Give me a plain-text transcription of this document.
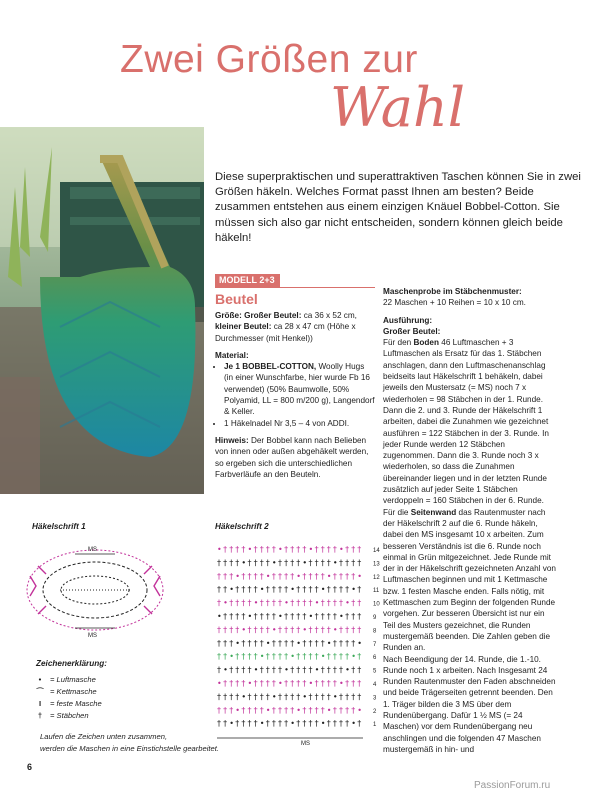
Zwei Größen zur
Wahl
Diese superpraktischen und superattraktiven Taschen können Sie in zwei Größen häkeln. Welches Format passt Ihnen am besten? Beide zusammen entstehen aus einem einzigen Knäuel Bobbel-Cotton. Sie müssen sich also gar nicht entscheiden, sondern können gleich beide häkeln!
MODELL 2+3
Beutel

Größe: Großer Beutel: ca 36 x 52 cm, kleiner Beutel: ca 28 x 47 cm (Höhe x Durchmesser (mit Henkel))

Material:

• Je 1 BOBBEL-COTTON, Woolly Hugs (in einer Wunschfarbe, hier wurde Fb 16 verwendet) (50% Baumwolle, 50% Polyamid, LL = 800 m/200 g), Langendorf & Keller.
• 1 Häkelnadel Nr 3,5 – 4 von ADDI.

Hinweis: Der Bobbel kann nach Belieben von innen oder außen abgehäkelt werden, so ergeben sich die unterschiedlichen Farbverläufe an den Beuteln.

Maschenprobe im Stäbchenmuster:
22 Maschen + 10 Reihen = 10 x 10 cm.

Ausführung:
Großer Beutel:
Für den Boden 46 Luftmaschen + 3 Luftmaschen als Ersatz für das 1. Stäbchen anschlagen, dann den Luftmaschenanschlag beidseits laut Häkelschrift 1 behäkeln, dabei jeweils den Mustersatz (= MS) noch 7 x wiederholen = 98 Stäbchen in der 1. Runde. Dann die 2. und 3. Runde der Häkelschrift 1 arbeiten, dabei die Zunahmen wie gezeichnet ausführen = 122 Stäbchen in der 3. Runde. In jeder Runde werden 12 Stäbchen zugenommen. Dann die 3. Runde noch 3 x wiederholen, so dass die Zunahmen übereinander liegen und in der letzten Runde zusätzlich auf jeder Seite 1 Stäbchen verdoppeln = 160 Stäbchen in der 6. Runde.

Für die Seitenwand das Rautenmuster nach der Häkelschrift 2 auf die 6. Runde häkeln, dabei den MS insgesamt 10 x arbeiten. Zum besseren Verständnis ist die 6. Runde noch einmal in Grün mitgezeichnet. Jede Runde mit der in der Häkelschrift gezeichneten Anzahl von Luftmaschen beginnen und mit 1 Kettmasche bzw. 1 festen Masche enden. Falls nötig, mit Kettmaschen zum Beginn der folgenden Runde vorgehen. Zur besseren Übersicht ist nur ein Teil des Musters gezeichnet, die Runden mustergemäß beenden. Die Zahlen geben die Runden an.

Nach Beendigung der 14. Runde, die 1.-10. Runde noch 1 x arbeiten. Nach Insgesamt 24 Runden Rautenmuster den Faden abschneiden und beide Trägerseiten getrennt beenden. Den 1. Träger bilden die 3 MS über dem Rundenübergang. Dafür 1 ½ MS (= 24 Maschen) vor dem Rundenübergang neu anschlingen und die folgenden 47 Maschen mustergemäß in hin- und

Häkelschrift 1	Häkelschrift 2
MS
MS
• † † † † • † † † † • † † † † • † † † † • † † † 14
† † † † • † † † † • † † † † • † † † † • † † † † 13
† † † • † † † † • † † † † • † † † † • † † † † • 12
† † • † † † † • † † † † • † † † † • † † † † • † 11
† • † † † † • † † † † • † † † † • † † † † • † † 10
• † † † † • † † † † • † † † † • † † † † • † † † 9
† † † † • † † † † • † † † † • † † † † • † † † † 8
† † † • † † † † • † † † † • † † † † • † † † † • 7
† † • † † † † • † † † † • † † † † • † † † † • † 6
† • † † † † • † † † † • † † † † • † † † † • † † 5
• † † † † • † † † † • † † † † • † † † † • † † † 4
† † † † • † † † † • † † † † • † † † † • † † † † 3
† † † • † † † † • † † † † • † † † † • † † † † • 2
† † • † † † † • † † † † • † † † † • † † † † • † 1
MS
Zeichenerklärung:
•	= Luftmasche
⌒ = Kettmasche
I	= feste Masche
†	= Stäbchen
Laufen die Zeichen unten zusammen,
werden die Maschen in eine Einstichstelle gearbeitet.
6
PassionForum.ru
